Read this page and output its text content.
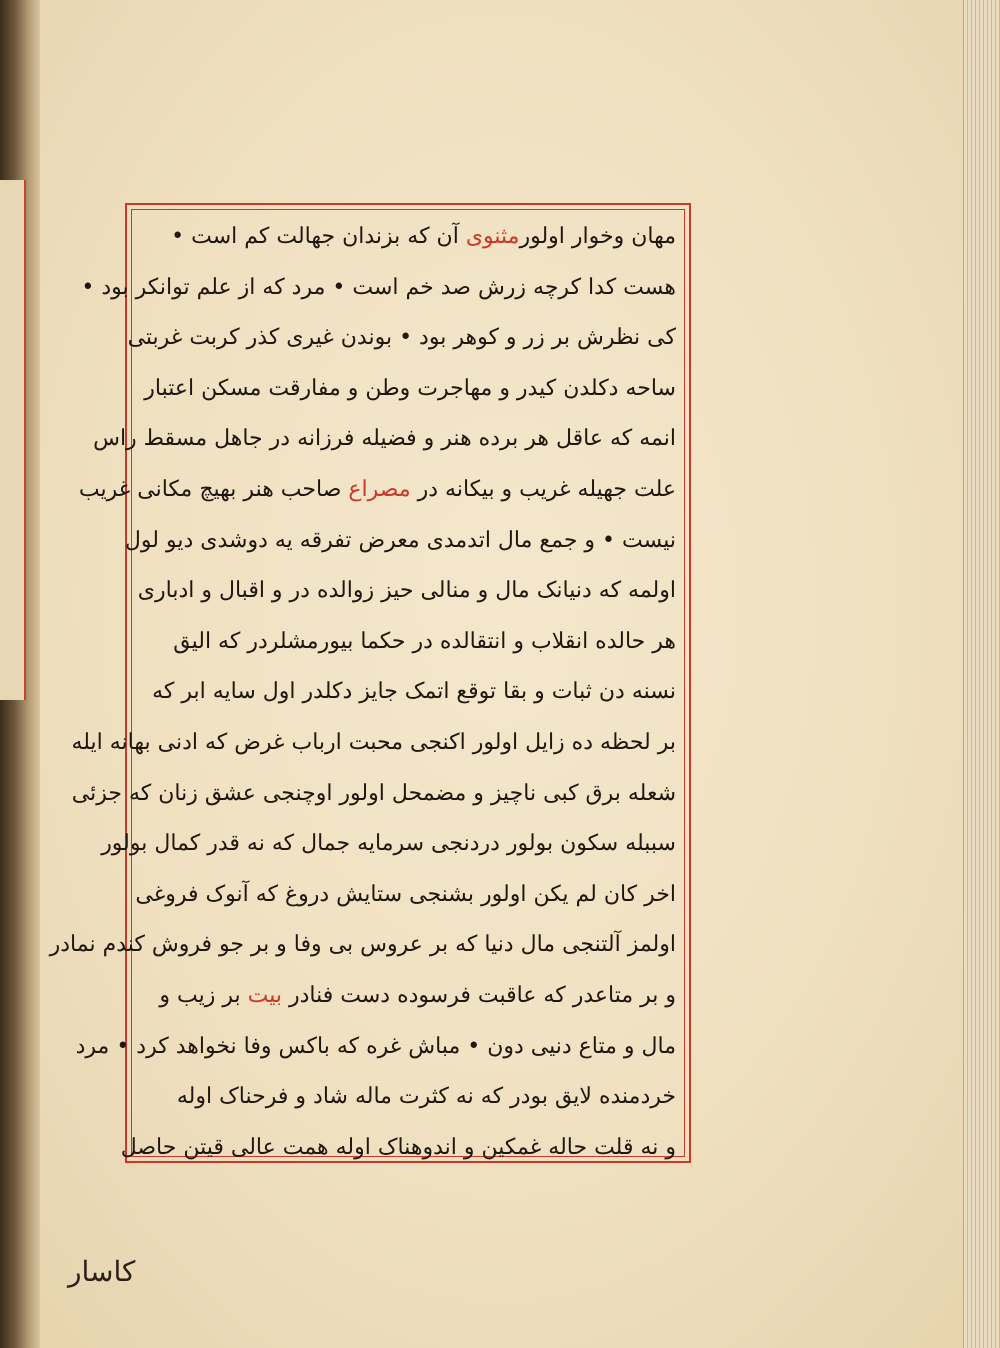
مهان وخوار اولورمثنوی آن که بزندان جهالت کم است •
هست کدا کرچه زرش صد خم است • مرد که از علم توانکر بود •
کی نظرش بر زر و کوهر بود • بوندن غیری کذر کربت غربتی
ساحه دکلدن کیدر و مهاجرت وطن و مفارقت مسکن اعتبار
انمه که عاقل هر برده هنر و فضیله فرزانه در جاهل مسقط راس
علت جهیله غریب و بیکانه در مصراع صاحب هنر بهیچ مکانی غریب
نیست • و جمع مال اتدمدی معرض تفرقه یه دوشدی دیو لول
اولمه که دنیانک مال و منالی حیز زوالده در و اقبال و ادباری
هر حالده انقلاب و انتقالده در حکما بیورمشلردر که الیق
نسنه دن ثبات و بقا توقع اتمک جایز دکلدر اول سایه ابر که
بر لحظه ده زایل اولور اکنجی محبت ارباب غرض که ادنی بهانه ایله
شعله برق کبی ناچیز و مضمحل اولور اوچنجی عشق زنان که جزئی
سببله سکون بولور دردنجی سرمایه جمال که نه قدر کمال بولور
اخر کان لم یکن اولور بشنجی ستایش دروغ که آنوک فروغی
اولمز آلتنجی مال دنیا که بر عروس بی وفا و بر جو فروش کندم نمادر
و بر متاعدر که عاقبت فرسوده دست فنادر بیت بر زیب و
مال و متاع دنیی دون • مباش غره که باکس وفا نخواهد کرد • مرد
خردمنده لایق بودر که نه کثرت ماله شاد و فرحناک اوله
و نه قلت حاله غمکین و اندوهناک اوله همت عالی قیتن حاصل
کاسار
